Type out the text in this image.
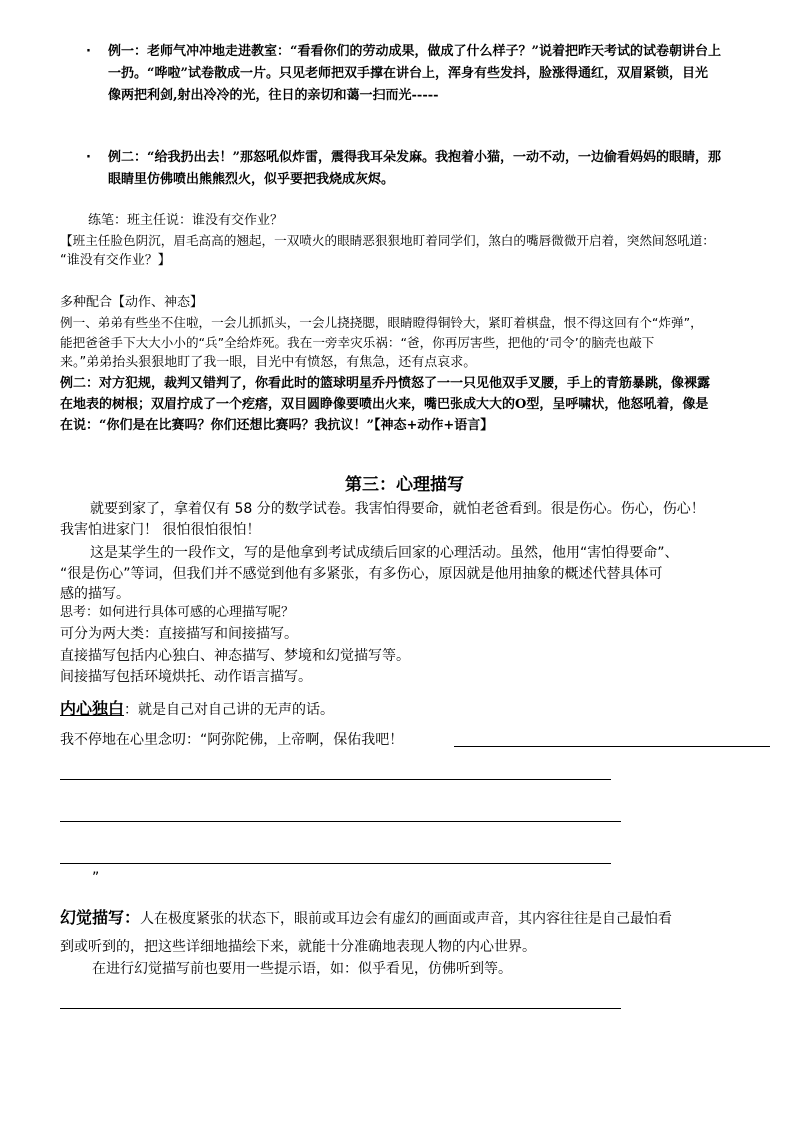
· 例一：老师气冲冲地走进教室：“看看你们的劳动成果，做成了什么样子？”说着把昨天考试的试卷朝讲台上
一扔。“哗啦”试卷散成一片。只见老师把双手撑在讲台上，浑身有些发抖，脸涨得通红，双眉紧锁，目光
像两把利剑,射出冷冷的光，往日的亲切和蔼一扫而光-----
· 例二：“给我扔出去！”那怒吼似炸雷，震得我耳朵发麻。我抱着小猫，一动不动，一边偷看妈妈的眼睛，那
眼睛里仿佛喷出熊熊烈火，似乎要把我烧成灰烬。
练笔：班主任说：谁没有交作业？
【班主任脸色阴沉，眉毛高高的翘起，一双喷火的眼睛恶狠狠地盯着同学们，煞白的嘴唇微微开启着，突然间怒吼道：
“谁没有交作业？】
多种配合【动作、神态】
例一、弟弟有些坐不住啦，一会儿抓抓头，一会儿挠挠腮，眼睛瞪得铜铃大，紧盯着棋盘，恨不得这回有个“炸弹”，
能把爸爸手下大大小小的“兵”全给炸死。我在一旁幸灾乐祸：“爸，你再厉害些，把他的‘司令’的脑壳也敲下
来。”弟弟抬头狠狠地盯了我一眼，目光中有愤怒，有焦急，还有点哀求。
例二：对方犯规，裁判又错判了，你看此时的篮球明星乔丹愤怒了一一只见他双手叉腰，手上的青筋暴跳，像裸露
在地表的树根；双眉拧成了一个疙瘩，双目圆睁像要喷出火来，嘴巴张成大大的O型，呈呼啸状，他怒吼着，像是
在说：“你们是在比赛吗？你们还想比赛吗？我抗议！”【神态+动作+语言】
第三：心理描写
就要到家了，拿着仅有 58 分的数学试卷。我害怕得要命，就怕老爸看到。很是伤心。伤心，伤心！
我害怕进家门！ 很怕很怕很怕！
这是某学生的一段作文，写的是他拿到考试成绩后回家的心理活动。虽然，他用“害怕得要命”、
“很是伤心”等词，但我们并不感觉到他有多紧张，有多伤心，原因就是他用抽象的概述代替具体可
感的描写。
思考：如何进行具体可感的心理描写呢？
可分为两大类：直接描写和间接描写。
直接描写包括内心独白、神态描写、梦境和幻觉描写等。
间接描写包括环境烘托、动作语言描写。
内心独白：就是自己对自己讲的无声的话。
我不停地在心里念叨：“阿弥陀佛，上帝啊，保佑我吧！
”
幻觉描写：人在极度紧张的状态下，眼前或耳边会有虚幻的画面或声音，其内容往往是自己最怕看
到或听到的，把这些详细地描绘下来，就能十分准确地表现人物的内心世界。
在进行幻觉描写前也要用一些提示语，如：似乎看见，仿佛听到等。
